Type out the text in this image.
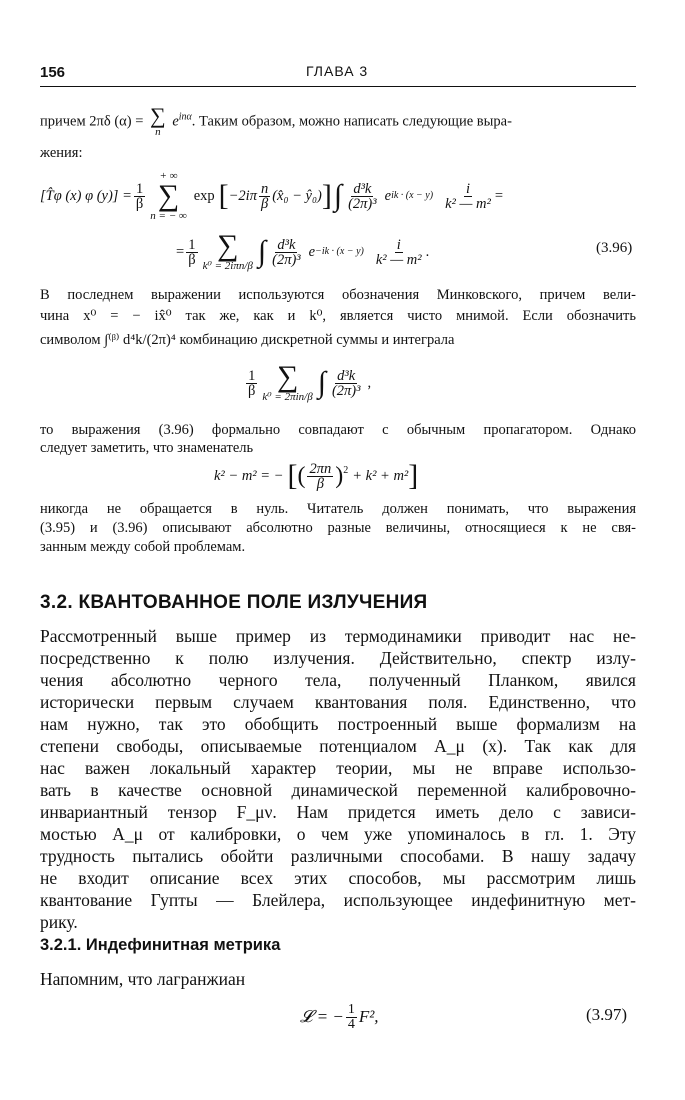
156	ГЛАВА 3
причем 2πδ (α) = ∑
n
$e^{in\alpha}$. Таким образом, можно написать следующие выра-
жения:
[T̂φ (x) φ $(y)] = \frac{1}{\beta}$
+ ∞
∑
n = − ∞
exp [ $-2i\pi \frac{n}{\beta}$ (x̂₀ − ŷ₀) ] ∫ $\frac{\text{d³k}}{\text{(2π)³}}$ e ik · $(x - y) \frac{i}{\text{k² — m²}}$ =
= $\frac{1}{\beta}$ ∑
k⁰ = 2iπn/β ∫ $\frac{\text{d³k}}{\text{(2π)³}}$ $e -ik \cdot (x - y) \frac{i}{\text{k² — m²}}$ .	(3.96)
В последнем выражении используются обозначения Минковского, причем вели-
чина x⁰ = − ix̂⁰ так же, как и k⁰, является чисто мнимой. Если обозначить
символом ∫⁽ᵝ⁾ d⁴k/(2π)⁴ комбинацию дискретной суммы и интеграла
$\frac{1}{\beta}$ ∑
k⁰ = 2πin/β ∫ $\frac{\text{d³k}}{\text{(2π)³}}$ ,
то выражения (3.96) формально совпадают с обычным пропагатором. Однако
следует заметить, что знаменатель
k² − m² = − [ ( $\frac{2\pi n}{\beta} )^2 + k^2 + m^2$ ]
никогда не обращается в нуль. Читатель должен понимать, что выражения
(3.95) и (3.96) описывают абсолютно разные величины, относящиеся к не свя-
занным между собой проблемам.
3.2. КВАНТОВАННОЕ ПОЛЕ ИЗЛУЧЕНИЯ
Рассмотренный выше пример из термодинамики приводит нас не-
посредственно к полю излучения. Действительно, спектр излу-
чения абсолютно черного тела, полученный Планком, явился
исторически первым случаем квантования поля. Единственно, что
нам нужно, так это обобщить построенный выше формализм на
степени свободы, описываемые потенциалом A_μ (x). Так как для
нас важен локальный характер теории, мы не вправе использо-
вать в качестве основной динамической переменной калибровочно-
инвариантный тензор F_μν. Нам придется иметь дело с зависи-
мостью A_μ от калибровки, о чем уже упоминалось в гл. 1. Эту
трудность пытались обойти различными способами. В нашу задачу
не входит описание всех этих способов, мы рассмотрим лишь
квантование Гупты — Блейлера, использующее индефинитную мет-
рику.
3.2.1. Индефинитная метрика
Напомним, что лагранжиан
𝓛 = − $\frac{1}{4} F^2$,	(3.97)
